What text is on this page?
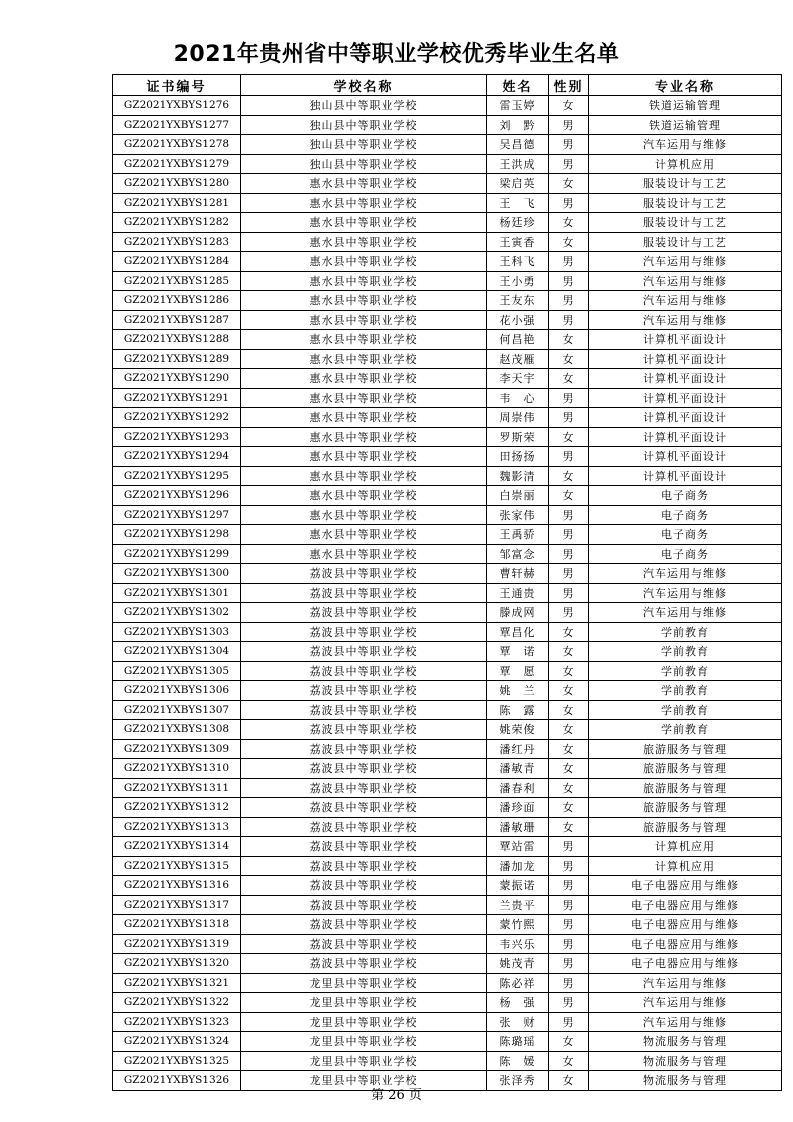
2021年贵州省中等职业学校优秀毕业生名单
证书编号	学校名称	姓名	性别	专业名称
GZ2021YXBYS1276	独山县中等职业学校	雷玉婷	女	铁道运输管理
GZ2021YXBYS1277	独山县中等职业学校	刘　黔	男	铁道运输管理
GZ2021YXBYS1278	独山县中等职业学校	吴昌德	男	汽车运用与维修
GZ2021YXBYS1279	独山县中等职业学校	王洪成	男	计算机应用
GZ2021YXBYS1280	惠水县中等职业学校	梁启英	女	服装设计与工艺
GZ2021YXBYS1281	惠水县中等职业学校	王　飞	男	服装设计与工艺
GZ2021YXBYS1282	惠水县中等职业学校	杨廷珍	女	服装设计与工艺
GZ2021YXBYS1283	惠水县中等职业学校	王寅香	女	服装设计与工艺
GZ2021YXBYS1284	惠水县中等职业学校	王科飞	男	汽车运用与维修
GZ2021YXBYS1285	惠水县中等职业学校	王小勇	男	汽车运用与维修
GZ2021YXBYS1286	惠水县中等职业学校	王友东	男	汽车运用与维修
GZ2021YXBYS1287	惠水县中等职业学校	花小强	男	汽车运用与维修
GZ2021YXBYS1288	惠水县中等职业学校	何昌艳	女	计算机平面设计
GZ2021YXBYS1289	惠水县中等职业学校	赵茂雁	女	计算机平面设计
GZ2021YXBYS1290	惠水县中等职业学校	李天宇	女	计算机平面设计
GZ2021YXBYS1291	惠水县中等职业学校	韦　心	男	计算机平面设计
GZ2021YXBYS1292	惠水县中等职业学校	周崇伟	男	计算机平面设计
GZ2021YXBYS1293	惠水县中等职业学校	罗斯荣	女	计算机平面设计
GZ2021YXBYS1294	惠水县中等职业学校	田扬扬	男	计算机平面设计
GZ2021YXBYS1295	惠水县中等职业学校	魏影清	女	计算机平面设计
GZ2021YXBYS1296	惠水县中等职业学校	白崇丽	女	电子商务
GZ2021YXBYS1297	惠水县中等职业学校	张家伟	男	电子商务
GZ2021YXBYS1298	惠水县中等职业学校	王禹骄	男	电子商务
GZ2021YXBYS1299	惠水县中等职业学校	邹富念	男	电子商务
GZ2021YXBYS1300	荔波县中等职业学校	曹轩赫	男	汽车运用与维修
GZ2021YXBYS1301	荔波县中等职业学校	王通贵	男	汽车运用与维修
GZ2021YXBYS1302	荔波县中等职业学校	滕成网	男	汽车运用与维修
GZ2021YXBYS1303	荔波县中等职业学校	覃昌化	女	学前教育
GZ2021YXBYS1304	荔波县中等职业学校	覃　诺	女	学前教育
GZ2021YXBYS1305	荔波县中等职业学校	覃　愿	女	学前教育
GZ2021YXBYS1306	荔波县中等职业学校	姚　兰	女	学前教育
GZ2021YXBYS1307	荔波县中等职业学校	陈　露	女	学前教育
GZ2021YXBYS1308	荔波县中等职业学校	姚荣俊	女	学前教育
GZ2021YXBYS1309	荔波县中等职业学校	潘红丹	女	旅游服务与管理
GZ2021YXBYS1310	荔波县中等职业学校	潘敏青	女	旅游服务与管理
GZ2021YXBYS1311	荔波县中等职业学校	潘春利	女	旅游服务与管理
GZ2021YXBYS1312	荔波县中等职业学校	潘珍面	女	旅游服务与管理
GZ2021YXBYS1313	荔波县中等职业学校	潘敏珊	女	旅游服务与管理
GZ2021YXBYS1314	荔波县中等职业学校	覃站雷	男	计算机应用
GZ2021YXBYS1315	荔波县中等职业学校	潘加龙	男	计算机应用
GZ2021YXBYS1316	荔波县中等职业学校	蒙振诺	男	电子电器应用与维修
GZ2021YXBYS1317	荔波县中等职业学校	兰贵平	男	电子电器应用与维修
GZ2021YXBYS1318	荔波县中等职业学校	蒙竹熙	男	电子电器应用与维修
GZ2021YXBYS1319	荔波县中等职业学校	韦兴乐	男	电子电器应用与维修
GZ2021YXBYS1320	荔波县中等职业学校	姚茂青	男	电子电器应用与维修
GZ2021YXBYS1321	龙里县中等职业学校	陈必祥	男	汽车运用与维修
GZ2021YXBYS1322	龙里县中等职业学校	杨　强	男	汽车运用与维修
GZ2021YXBYS1323	龙里县中等职业学校	张　财	男	汽车运用与维修
GZ2021YXBYS1324	龙里县中等职业学校	陈璐瑶	女	物流服务与管理
GZ2021YXBYS1325	龙里县中等职业学校	陈　媛	女	物流服务与管理
GZ2021YXBYS1326	龙里县中等职业学校	张泽秀	女	物流服务与管理
第 26 页
